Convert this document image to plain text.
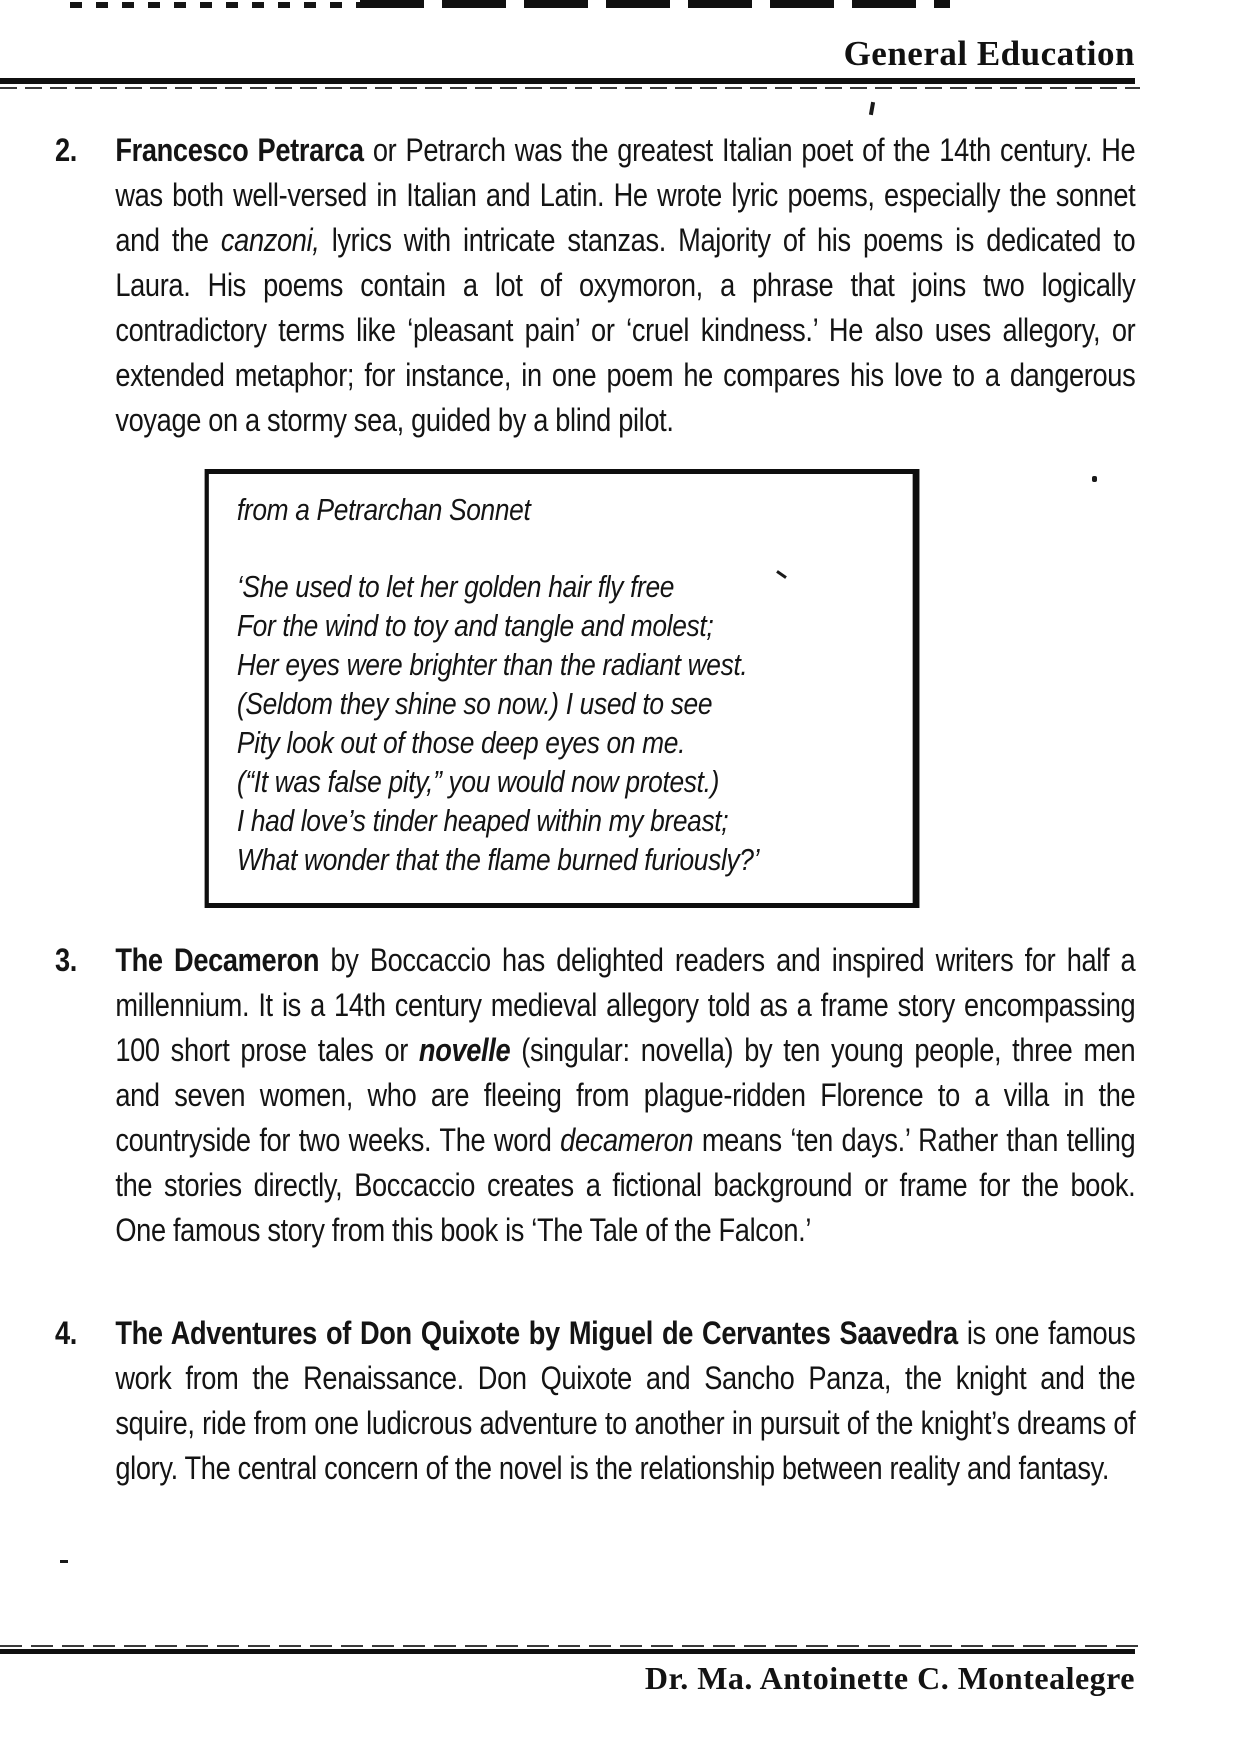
General Education
2.	Francesco Petrarca or Petrarch was the greatest Italian poet of the 14th century. He was both well-versed in Italian and Latin. He wrote lyric poems, especially the sonnet and the canzoni, lyrics with intricate stanzas. Majority of his poems is dedicated to Laura. His poems contain a lot of oxymoron, a phrase that joins two logically contradictory terms like ‘pleasant pain’ or ‘cruel kindness.’ He also uses allegory, or extended metaphor; for instance, in one poem he compares his love to a dangerous voyage on a stormy sea, guided by a blind pilot.

from a Petrarchan Sonnet
‘She used to let her golden hair fly free
For the wind to toy and tangle and molest;
Her eyes were brighter than the radiant west.
(Seldom they shine so now.) I used to see
Pity look out of those deep eyes on me.
(“It was false pity,” you would now protest.)
I had love’s tinder heaped within my breast;
What wonder that the flame burned furiously?’
3.	The Decameron by Boccaccio has delighted readers and inspired writers for half a millennium. It is a 14th century medieval allegory told as a frame story encompassing 100 short prose tales or novelle (singular: novella) by ten young people, three men and seven women, who are fleeing from plague-ridden Florence to a villa in the countryside for two weeks. The word decameron means ‘ten days.’ Rather than telling the stories directly, Boccaccio creates a fictional background or frame for the book. One famous story from this book is ‘The Tale of the Falcon.’

4.	The Adventures of Don Quixote by Miguel de Cervantes Saavedra is one famous work from the Renaissance. Don Quixote and Sancho Panza, the knight and the squire, ride from one ludicrous adventure to another in pursuit of the knight’s dreams of glory. The central concern of the novel is the relationship between reality and fantasy.

Dr. Ma. Antoinette C. Montealegre
